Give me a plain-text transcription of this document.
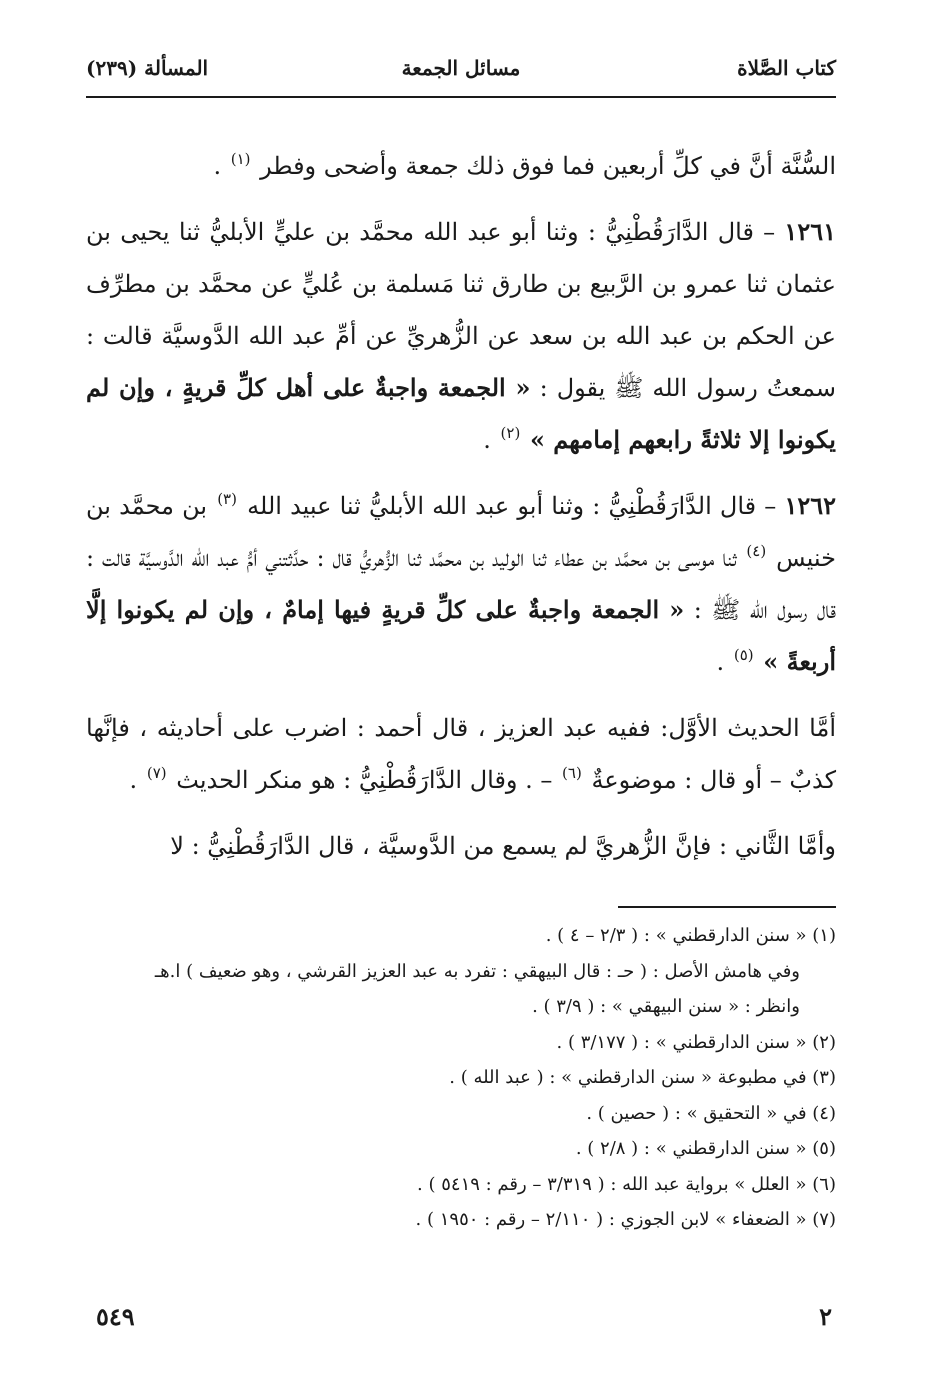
كتاب الصَّلاة
مسائل الجمعة
المسألة (٢٣٩)

السُّنَّة أنَّ في كلِّ أربعين فما فوق ذلك جمعة وأضحى وفطر $^{(١)}$ .

١٢٦١ – قال الدَّارَقُطْنِيُّ : وثنا أبو عبد الله محمَّد بن عليٍّ الأبليُّ ثنا يحيى بن عثمان ثنا عمرو بن الرَّبيع بن طارق ثنا مَسلمة بن عُليٍّ عن محمَّد بن مطرِّف عن الحكم بن عبد الله بن سعد عن الزُّهريِّ عن أمِّ عبد الله الدَّوسيَّة قالت : سمعتُ رسول الله ﷺ يقول : « الجمعة واجبةٌ على أهل كلِّ قريةٍ ، وإن لم يكونوا إلا ثلاثةً رابعهم إمامهم » $^{(٢)}$ .

١٢٦٢ – قال الدَّارَقُطْنِيُّ : وثنا أبو عبد الله الأبليُّ ثنا عبيد الله $^{(٣)}$ بن محمَّد بن خنيس $^{(٤)}$ ثنا موسى بن محمَّد بن عطاء ثنا الوليد بن محمَّد ثنا الزُّهريُّ قال : حدَّثتني أمُّ عبد الله الدَّوسيَّة قالت : قال رسول الله ﷺ : « الجمعة واجبةٌ على كلِّ قريةٍ فيها إمامٌ ، وإن لم يكونوا إلَّا أربعةً » $^{(٥)}$ .

أمَّا الحديث الأوَّل: ففيه عبد العزيز ، قال أحمد : اضرب على أحاديثه ، فإنَّها كذبٌ – أو قال : موضوعةٌ $^{(٦)}$ – . وقال الدَّارَقُطْنِيُّ : هو منكر الحديث $^{(٧)}$ .

وأمَّا الثَّاني : فإنَّ الزُّهريَّ لم يسمع من الدَّوسيَّة ، قال الدَّارَقُطْنِيُّ : لا

(١) « سنن الدارقطني » : ( ٢/٣ – ٤ ) .
وفي هامش الأصل : ( حـ : قال البيهقي : تفرد به عبد العزيز القرشي ، وهو ضعيف ) ا.هـ
وانظر : « سنن البيهقي » : ( ٣/٩ ) .
(٢) « سنن الدارقطني » : ( ٣/١٧٧ ) .
(٣) في مطبوعة « سنن الدارقطني » : ( عبد الله ) .
(٤) في « التحقيق » : ( حصين ) .
(٥) « سنن الدارقطني » : ( ٢/٨ ) .
(٦) « العلل » برواية عبد الله : ( ٣/٣١٩ – رقم : ٥٤١٩ ) .
(٧) « الضعفاء » لابن الجوزي : ( ٢/١١٠ – رقم : ١٩٥٠ ) .
٢
٥٤٩
